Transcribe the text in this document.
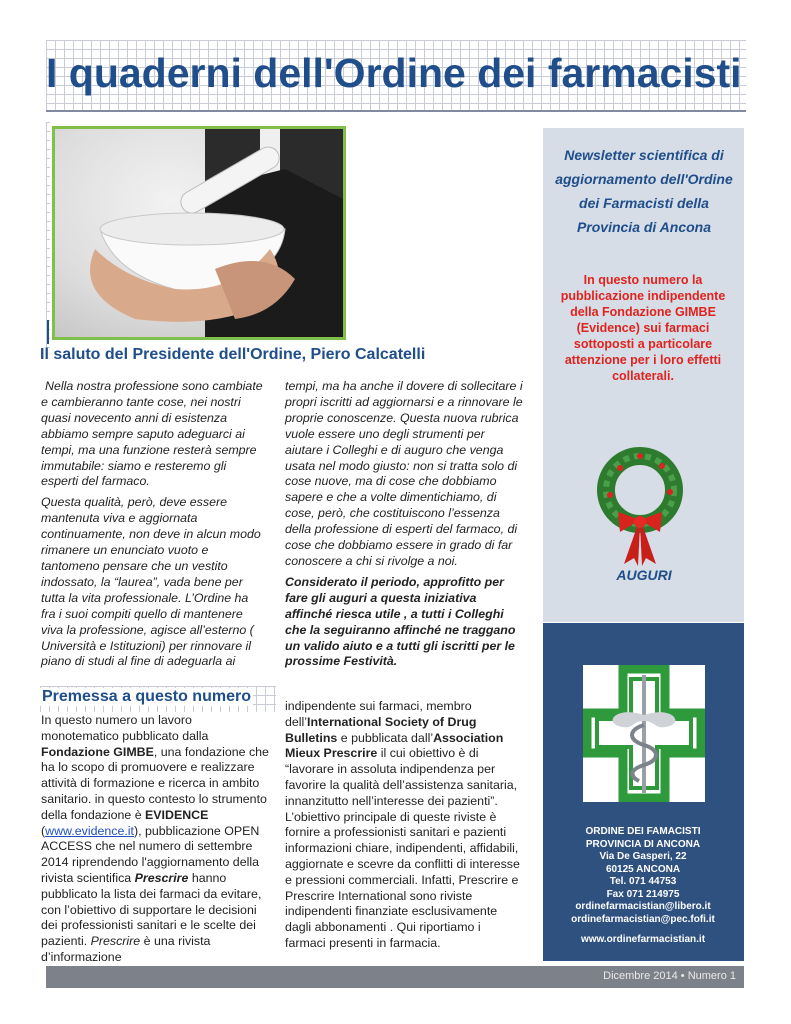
I quaderni dell'Ordine dei farmacisti
Newsletter scientifica di aggiornamento dell'Ordine dei Farmacisti della Provincia di Ancona
In questo numero la pubblicazione indipendente della Fondazione GIMBE (Evidence) sui farmaci sottoposti a particolare attenzione per i loro effetti collaterali.
AUGURI
ORDINE DEI FAMACISTI
PROVINCIA DI ANCONA
Via De Gasperi, 22
60125 ANCONA
Tel. 071 44753
Fax 071 214975
ordinefarmacistian@libero.it
ordinefarmacistian@pec.fofi.it
www.ordinefarmacistian.it
Il saluto del Presidente dell'Ordine, Piero Calcatelli

Nella nostra professione sono cambiate e cambieranno tante cose, nei nostri quasi novecento anni di esistenza abbiamo sempre saputo adeguarci ai tempi, ma una funzione resterà sempre immutabile: siamo e resteremo gli esperti del farmaco.

Questa qualità, però, deve essere mantenuta viva e aggiornata continuamente, non deve in alcun modo rimanere un enunciato vuoto e tantomeno pensare che un vestito indossato, la “laurea”, vada bene per tutta la vita professionale. L’Ordine ha fra i suoi compiti quello di mantenere viva la professione, agisce all’esterno ( Università e Istituzioni) per rinnovare il piano di studi al fine di adeguarla ai

tempi, ma ha anche il dovere di sollecitare i propri iscritti ad aggiornarsi e a rinnovare le proprie conoscenze. Questa nuova rubrica vuole essere uno degli strumenti per aiutare i Colleghi e di auguro che venga usata nel modo giusto: non si tratta solo di cose nuove, ma di cose che dobbiamo sapere e che a volte dimentichiamo, di cose, però, che costituiscono l’essenza della professione di esperti del farmaco, di cose che dobbiamo essere in grado di far conoscere a chi si rivolge a noi.

Considerato il periodo, approfitto per fare gli auguri a questa iniziativa affinché riesca utile , a tutti i Colleghi che la seguiranno affinché ne traggano un valido aiuto e a tutti gli iscritti per le prossime Festività.

Premessa a questo numero
In questo numero un lavoro monotematico pubblicato dalla Fondazione GIMBE, una fondazione che ha lo scopo di promuovere e realizzare attività di formazione e ricerca in ambito sanitario. in questo contesto lo strumento della fondazione è EVIDENCE (www.evidence.it), pubblicazione OPEN ACCESS che nel numero di settembre 2014 riprendendo l'aggiornamento della rivista scientifica Prescrire hanno pubblicato la lista dei farmaci da evitare, con l’obiettivo di supportare le decisioni dei professionisti sanitari e le scelte dei pazienti. Prescrire è una rivista d’informazione
indipendente sui farmaci, membro dell’International Society of Drug Bulletins e pubblicata dall’Association Mieux Prescrire il cui obiettivo è di “lavorare in assoluta indipendenza per favorire la qualità dell’assistenza sanitaria, innanzitutto nell’interesse dei pazienti”. L’obiettivo principale di queste riviste è fornire a professionisti sanitari e pazienti informazioni chiare, indipendenti, affidabili, aggiornate e scevre da conflitti di interesse e pressioni commerciali. Infatti, Prescrire e Prescrire International sono riviste indipendenti finanziate esclusivamente dagli abbonamenti . Qui riportiamo i farmaci presenti in farmacia.
Dicembre 2014 • Numero 1
